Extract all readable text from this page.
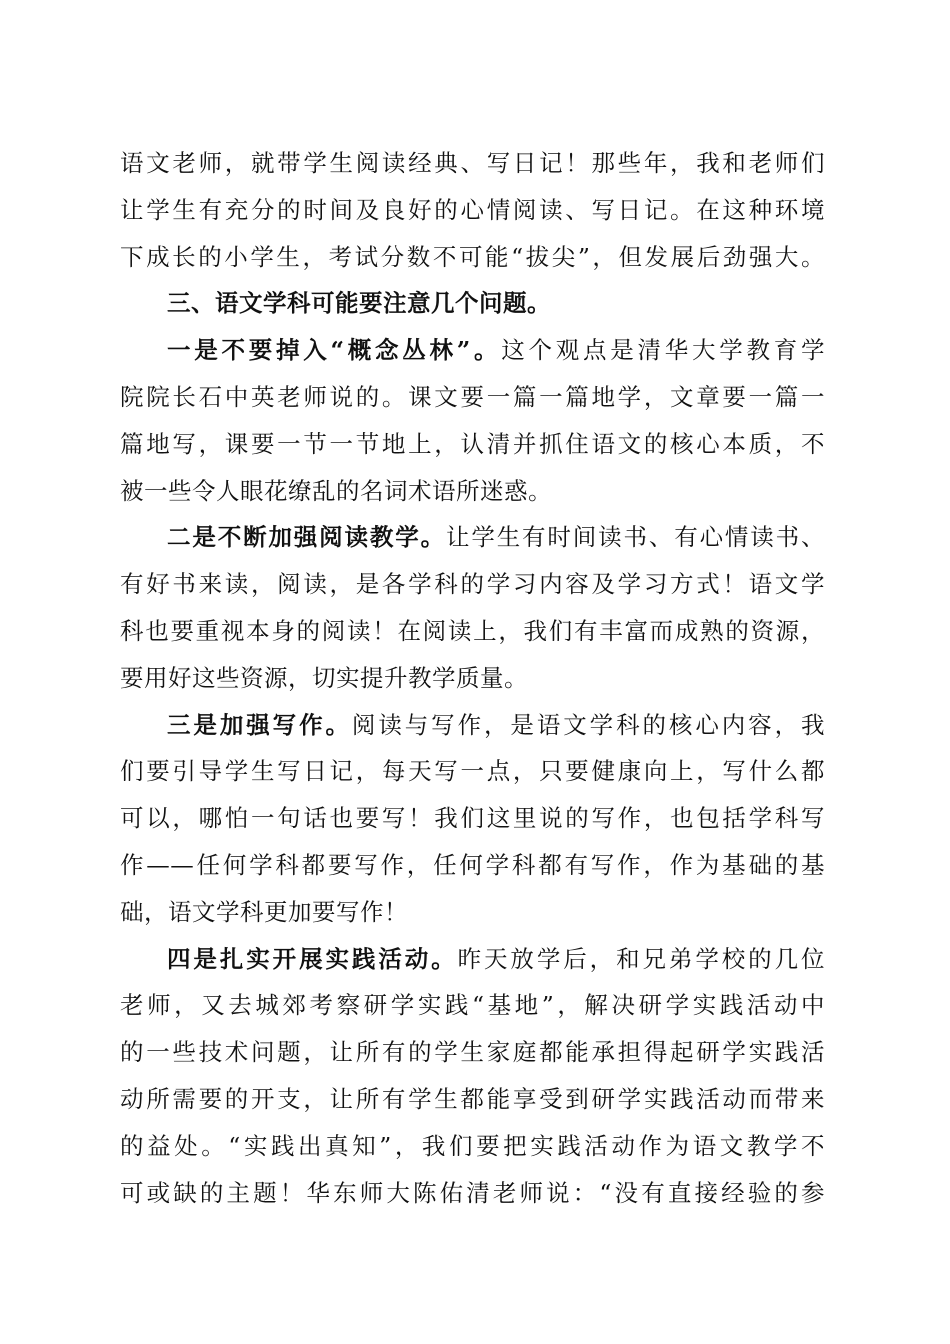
语文老师，就带学生阅读经典、写日记！那些年，我和老师们
让学生有充分的时间及良好的心情阅读、写日记。在这种环境
下成长的小学生，考试分数不可能“拔尖”，但发展后劲强大。
三、语文学科可能要注意几个问题。
一是不要掉入“概念丛林”。这个观点是清华大学教育学
院院长石中英老师说的。课文要一篇一篇地学，文章要一篇一
篇地写，课要一节一节地上，认清并抓住语文的核心本质，不
被一些令人眼花缭乱的名词术语所迷惑。
二是不断加强阅读教学。让学生有时间读书、有心情读书、
有好书来读，阅读，是各学科的学习内容及学习方式！语文学
科也要重视本身的阅读！在阅读上，我们有丰富而成熟的资源，
要用好这些资源，切实提升教学质量。
三是加强写作。阅读与写作，是语文学科的核心内容，我
们要引导学生写日记，每天写一点，只要健康向上，写什么都
可以，哪怕一句话也要写！我们这里说的写作，也包括学科写
作——任何学科都要写作，任何学科都有写作，作为基础的基
础，语文学科更加要写作！
四是扎实开展实践活动。昨天放学后，和兄弟学校的几位
老师，又去城郊考察研学实践“基地”，解决研学实践活动中
的一些技术问题，让所有的学生家庭都能承担得起研学实践活
动所需要的开支，让所有学生都能享受到研学实践活动而带来
的益处。“实践出真知”，我们要把实践活动作为语文教学不
可或缺的主题！华东师大陈佑清老师说：“没有直接经验的参
